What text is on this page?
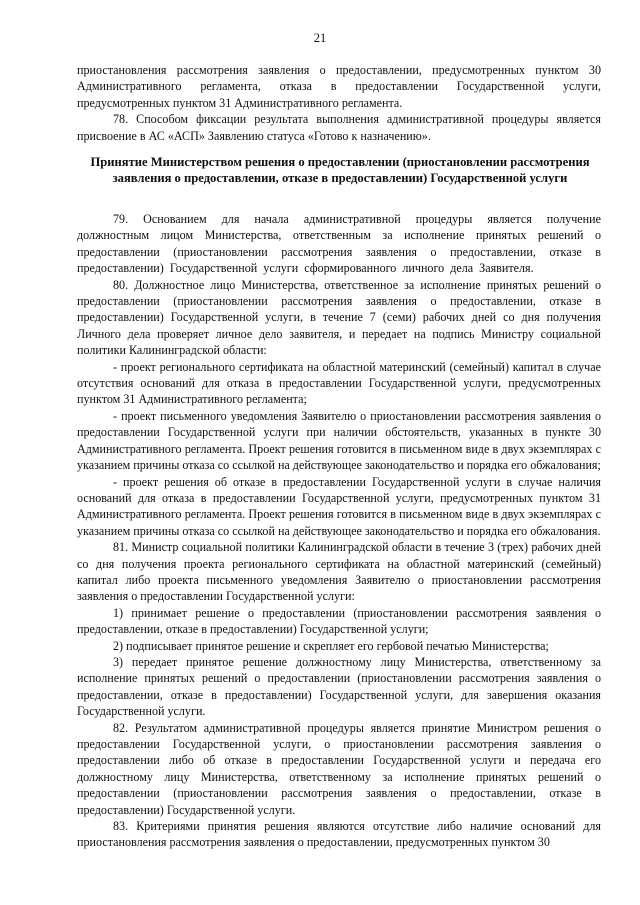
21

приостановления рассмотрения заявления о предоставлении, предусмотренных пунктом 30 Административного регламента, отказа в предоставлении Государственной услуги, предусмотренных пунктом 31 Административного регламента.

78. Способом фиксации результата выполнения административной процедуры является присвоение в АС «АСП» Заявлению статуса «Готово к назначению».

Принятие Министерством решения о предоставлении (приостановлении рассмотрения заявления о предоставлении, отказе в предоставлении) Государственной услуги

79. Основанием для начала административной процедуры является получение должностным лицом Министерства, ответственным за исполнение принятых решений о предоставлении (приостановлении рассмотрения заявления о предоставлении, отказе в предоставлении) Государственной услуги сформированного личного дела Заявителя.

80. Должностное лицо Министерства, ответственное за исполнение принятых решений о предоставлении (приостановлении рассмотрения заявления о предоставлении, отказе в предоставлении) Государственной услуги, в течение 7 (семи) рабочих дней со дня получения Личного дела проверяет личное дело заявителя, и передает на подпись Министру социальной политики Калининградской области:

- проект регионального сертификата на областной материнский (семейный) капитал в случае отсутствия оснований для отказа в предоставлении Государственной услуги, предусмотренных пунктом 31 Административного регламента;

- проект письменного уведомления Заявителю о приостановлении рассмотрения заявления о предоставлении Государственной услуги при наличии обстоятельств, указанных в пункте 30 Административного регламента. Проект решения готовится в письменном виде в двух экземплярах с указанием причины отказа со ссылкой на действующее законодательство и порядка его обжалования;

- проект решения об отказе в предоставлении Государственной услуги в случае наличия оснований для отказа в предоставлении Государственной услуги, предусмотренных пунктом 31 Административного регламента. Проект решения готовится в письменном виде в двух экземплярах с указанием причины отказа со ссылкой на действующее законодательство и порядка его обжалования.

81. Министр социальной политики Калининградской области в течение 3 (трех) рабочих дней со дня получения проекта регионального сертификата на областной материнский (семейный) капитал либо проекта письменного уведомления Заявителю о приостановлении рассмотрения заявления о предоставлении Государственной услуги:

1) принимает решение о предоставлении (приостановлении рассмотрения заявления о предоставлении, отказе в предоставлении) Государственной услуги;

2) подписывает принятое решение и скрепляет его гербовой печатью Министерства;

3) передает принятое решение должностному лицу Министерства, ответственному за исполнение принятых решений о предоставлении (приостановлении рассмотрения заявления о предоставлении, отказе в предоставлении) Государственной услуги, для завершения оказания Государственной услуги.

82. Результатом административной процедуры является принятие Министром решения о предоставлении Государственной услуги, о приостановлении рассмотрения заявления о предоставлении либо об отказе в предоставлении Государственной услуги и передача его должностному лицу Министерства, ответственному за исполнение принятых решений о предоставлении (приостановлении рассмотрения заявления о предоставлении, отказе в предоставлении) Государственной услуги.

83. Критериями принятия решения являются отсутствие либо наличие оснований для приостановления рассмотрения заявления о предоставлении, предусмотренных пунктом 30
